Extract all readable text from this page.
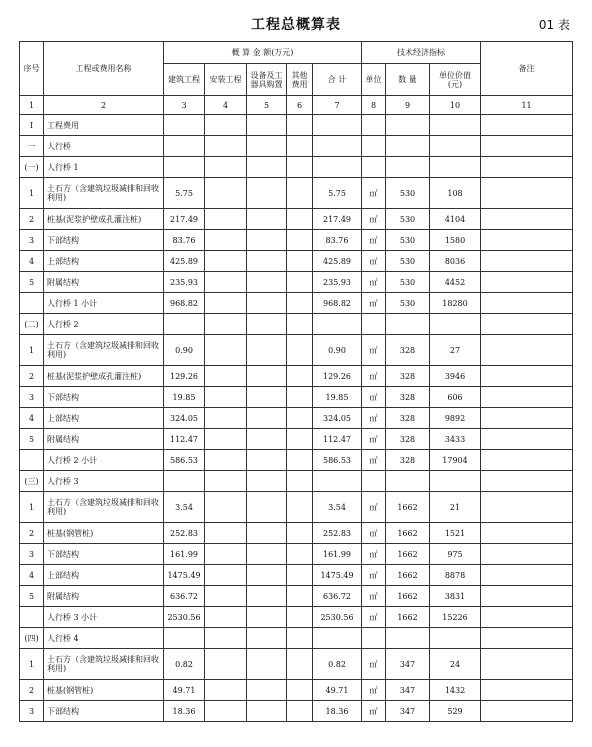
工程总概算表	01 表
序号	工程或费用名称	概 算 金 额(万元)					技术经济指标			备注
		建筑工程	安装工程	设备及工器具购置	其他费用	合 计	单位	数 量	单位价值(元)	
1	2	3	4	5	6	7	8	9	10	11
Ⅰ	工程费用									
一	人行桥									
(一)	人行桥 1									
1	土石方（含建筑垃圾减排和回收利用)	5.75				5.75	㎡	530	108	
2	桩基(泥浆护壁成孔灌注桩)	217.49				217.49	㎡	530	4104	
3	下部结构	83.76				83.76	㎡	530	1580	
4	上部结构	425.89				425.89	㎡	530	8036	
5	附属结构	235.93				235.93	㎡	530	4452	
	人行桥 1 小计	968.82				968.82	㎡	530	18280	
(二)	人行桥 2									
1	土石方（含建筑垃圾减排和回收利用)	0.90				0.90	㎡	328	27	
2	桩基(泥浆护壁成孔灌注桩)	129.26				129.26	㎡	328	3946	
3	下部结构	19.85				19.85	㎡	328	606	
4	上部结构	324.05				324.05	㎡	328	9892	
5	附属结构	112.47				112.47	㎡	328	3433	
	人行桥 2 小计	586.53				586.53	㎡	328	17904	
(三)	人行桥 3									
1	土石方（含建筑垃圾减排和回收利用)	3.54				3.54	㎡	1662	21	
2	桩基(钢管桩)	252.83				252.83	㎡	1662	1521	
3	下部结构	161.99				161.99	㎡	1662	975	
4	上部结构	1475.49				1475.49	㎡	1662	8878	
5	附属结构	636.72				636.72	㎡	1662	3831	
	人行桥 3 小计	2530.56				2530.56	㎡	1662	15226	
(四)	人行桥 4									
1	土石方（含建筑垃圾减排和回收利用)	0.82				0.82	㎡	347	24	
2	桩基(钢管桩)	49.71				49.71	㎡	347	1432	
3	下部结构	18.36				18.36	㎡	347	529	
